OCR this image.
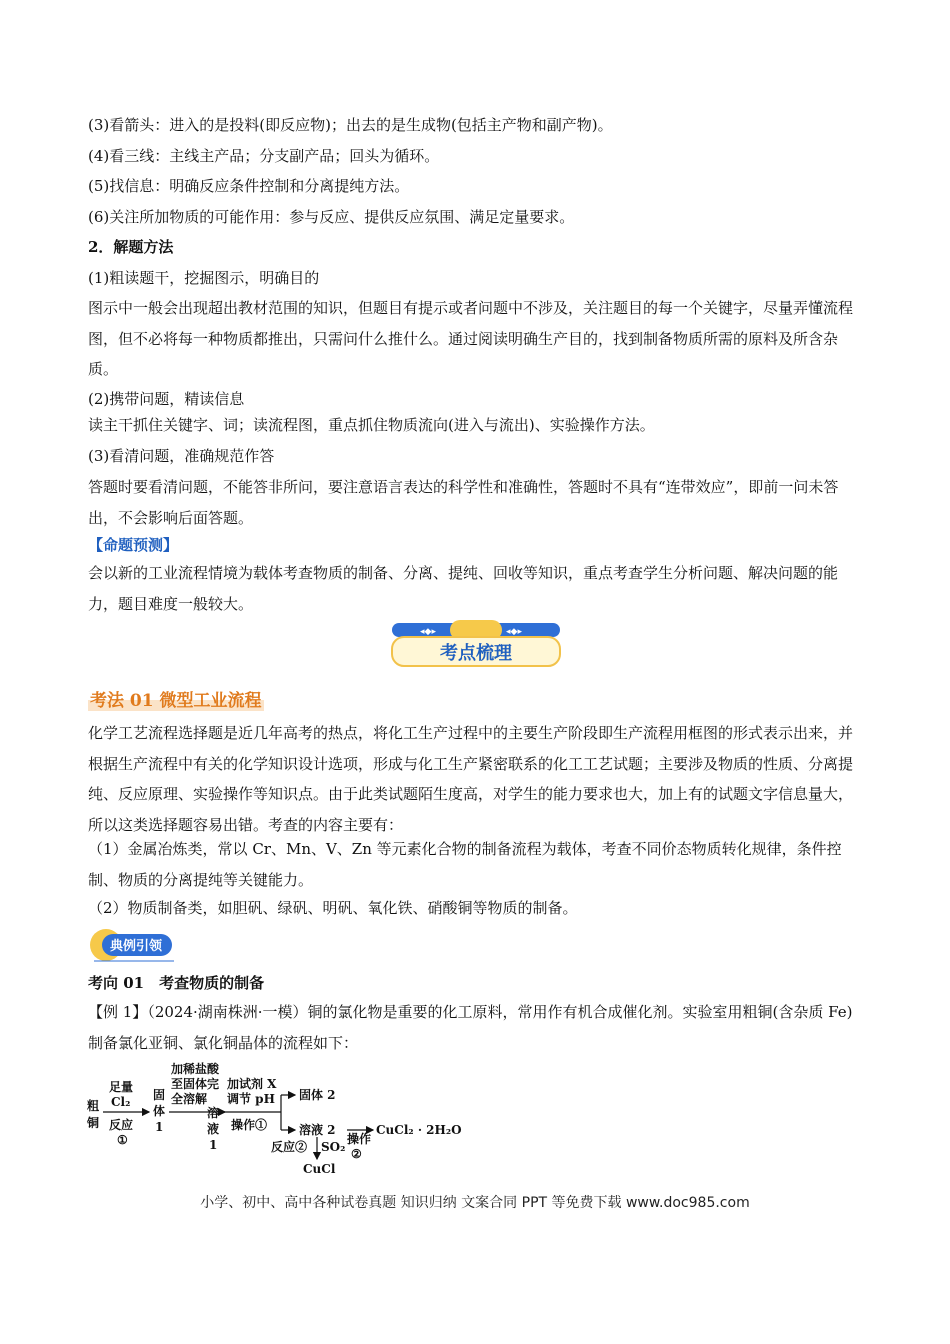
(3)看箭头：进入的是投料(即反应物)；出去的是生成物(包括主产物和副产物)。

(4)看三线：主线主产品；分支副产品；回头为循环。

(5)找信息：明确反应条件控制和分离提纯方法。

(6)关注所加物质的可能作用：参与反应、提供反应氛围、满足定量要求。

2．解题方法

(1)粗读题干，挖掘图示，明确目的

图示中一般会出现超出教材范围的知识，但题目有提示或者问题中不涉及，关注题目的每一个关键字，尽量弄懂流程图，但不必将每一种物质都推出，只需问什么推什么。通过阅读明确生产目的，找到制备物质所需的原料及所含杂质。

(2)携带问题，精读信息

读主干抓住关键字、词；读流程图，重点抓住物质流向(进入与流出)、实验操作方法。

(3)看清问题，准确规范作答

答题时要看清问题，不能答非所问，要注意语言表达的科学性和准确性，答题时不具有“连带效应”，即前一问未答出，不会影响后面答题。

【命题预测】

会以新的工业流程情境为载体考查物质的制备、分离、提纯、回收等知识，重点考查学生分析问题、解决问题的能力，题目难度一般较大。

◂◆▸	◂◆▸
考点梳理
考法 01 微型工业流程

化学工艺流程选择题是近几年高考的热点，将化工生产过程中的主要生产阶段即生产流程用框图的形式表示出来，并根据生产流程中有关的化学知识设计选项，形成与化工生产紧密联系的化工工艺试题；主要涉及物质的性质、分离提纯、反应原理、实验操作等知识点。由于此类试题陌生度高，对学生的能力要求也大，加上有的试题文字信息量大，所以这类选择题容易出错。考查的内容主要有：

（1）金属冶炼类，常以 Cr、Mn、V、Zn 等元素化合物的制备流程为载体，考查不同价态物质转化规律，条件控制、物质的分离提纯等关键能力。

（2）物质制备类，如胆矾、绿矾、明矾、氧化铁、硝酸铜等物质的制备。

典例引领

考向 01　考查物质的制备

【例 1】（2024·湖南株洲·一模）铜的氯化物是重要的化工原料，常用作有机合成催化剂。实验室用粗铜(含杂质 Fe)制备氯化亚铜、氯化铜晶体的流程如下：

粗
铜
足量
Cl₂
反应
①
固
体
1
加稀盐酸
至固体完
全溶解
溶
液
1
加试剂 X
调节 pH
操作①
固体 2
溶液 2
操作
②
CuCl₂ · 2H₂O
反应② SO₂
CuCl
小学、初中、高中各种试卷真题 知识归纳 文案合同 PPT 等免费下载 www.doc985.com
